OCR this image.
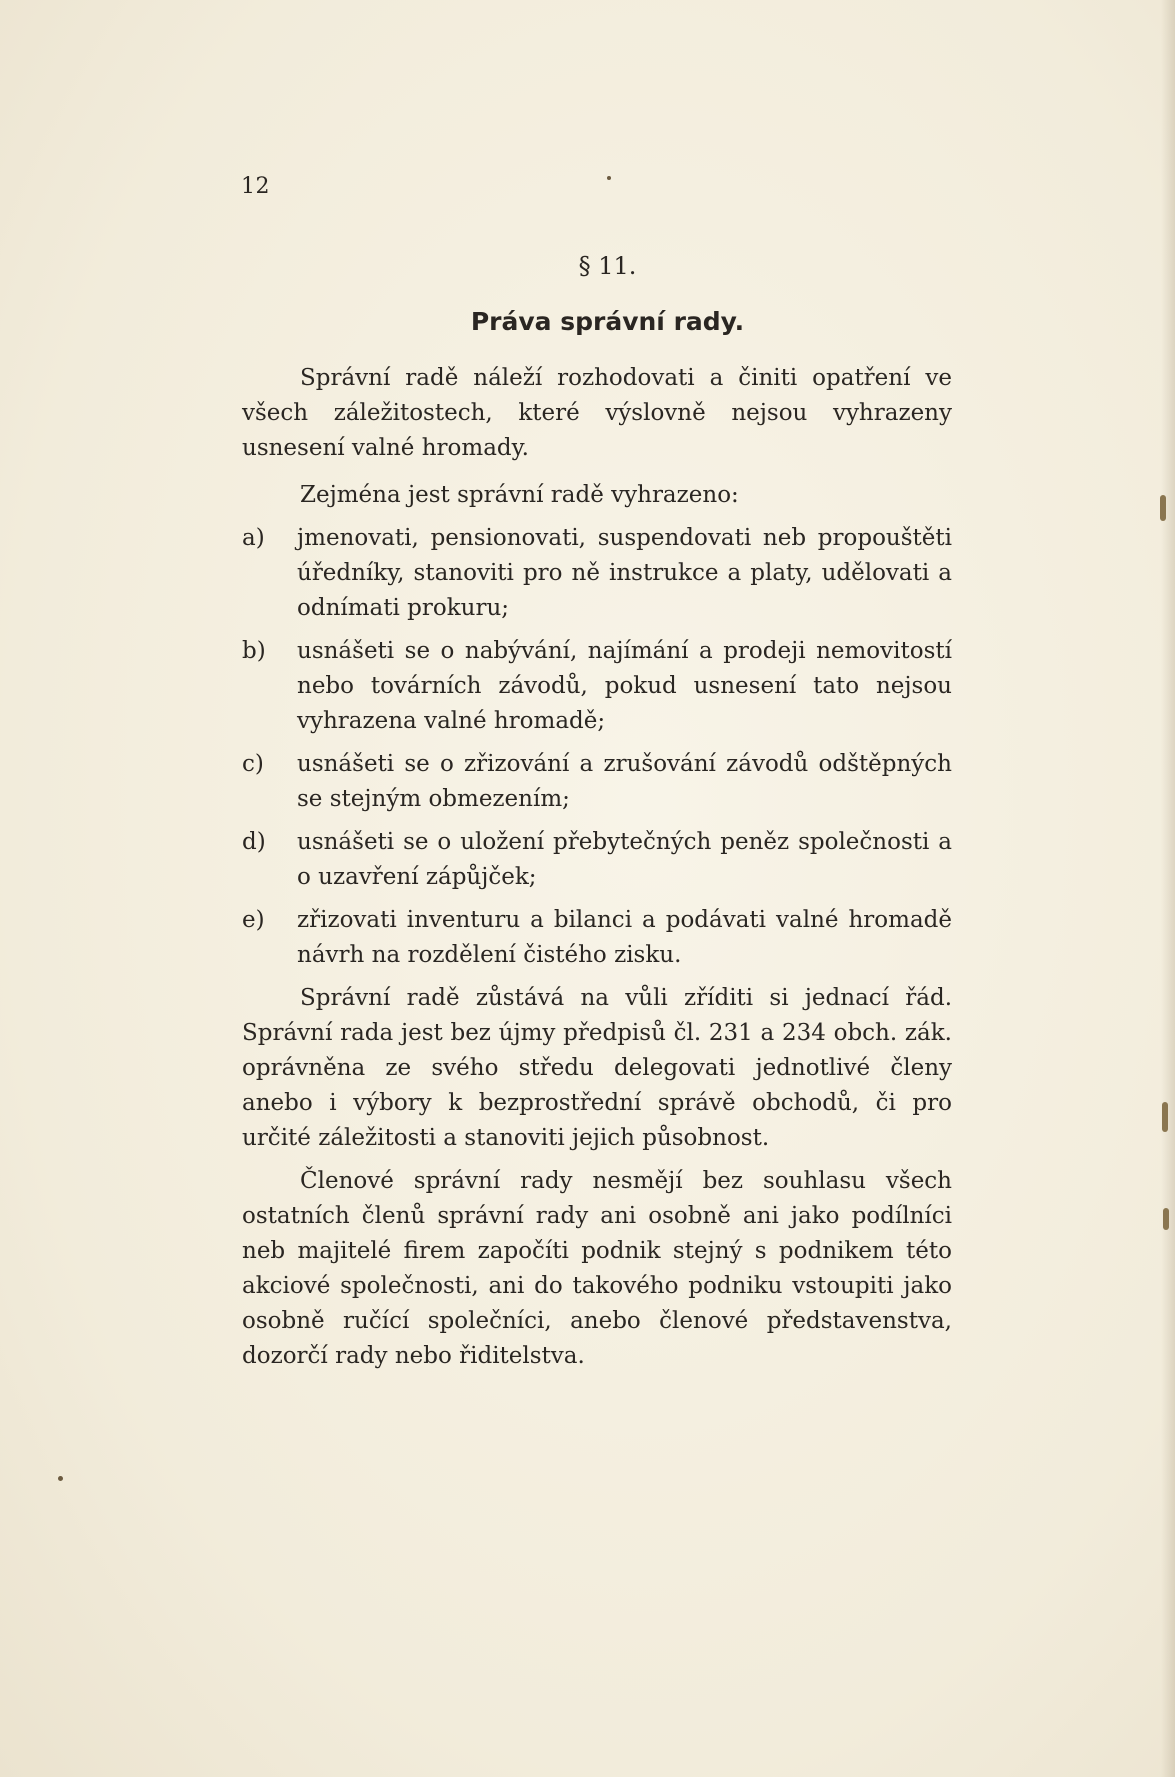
12
§ 11.
Práva správní rady.

Správní radě náleží rozhodovati a činiti opatření ve všech záležitostech, které výslovně nejsou vyhrazeny usnesení valné hromady.

Zejména jest správní radě vyhrazeno:

a)	jmenovati, pensionovati, suspendovati neb propouštěti úředníky, stanoviti pro ně instrukce a platy, udělovati a odnímati prokuru;
b)	usnášeti se o nabývání, najímání a prodeji nemovitostí nebo továrních závodů, pokud usnesení tato nejsou vyhrazena valné hromadě;
c)	usnášeti se o zřizování a zrušování závodů odštěpných se stejným obmezením;
d)	usnášeti se o uložení přebytečných peněz společnosti a o uzavření zápůjček;
e)	zřizovati inventuru a bilanci a podávati valné hromadě návrh na rozdělení čistého zisku.

Správní radě zůstává na vůli zříditi si jednací řád. Správní rada jest bez újmy předpisů čl. 231 a 234 obch. zák. oprávněna ze svého středu delegovati jednotlivé členy anebo i výbory k bezprostřední správě obchodů, či pro určité záležitosti a stanoviti jejich působnost.

Členové správní rady nesmějí bez souhlasu všech ostatních členů správní rady ani osobně ani jako podílníci neb majitelé firem započíti podnik stejný s podnikem této akciové společnosti, ani do takového podniku vstoupiti jako osobně ručící společníci, anebo členové představenstva, dozorčí rady nebo řiditelstva.
